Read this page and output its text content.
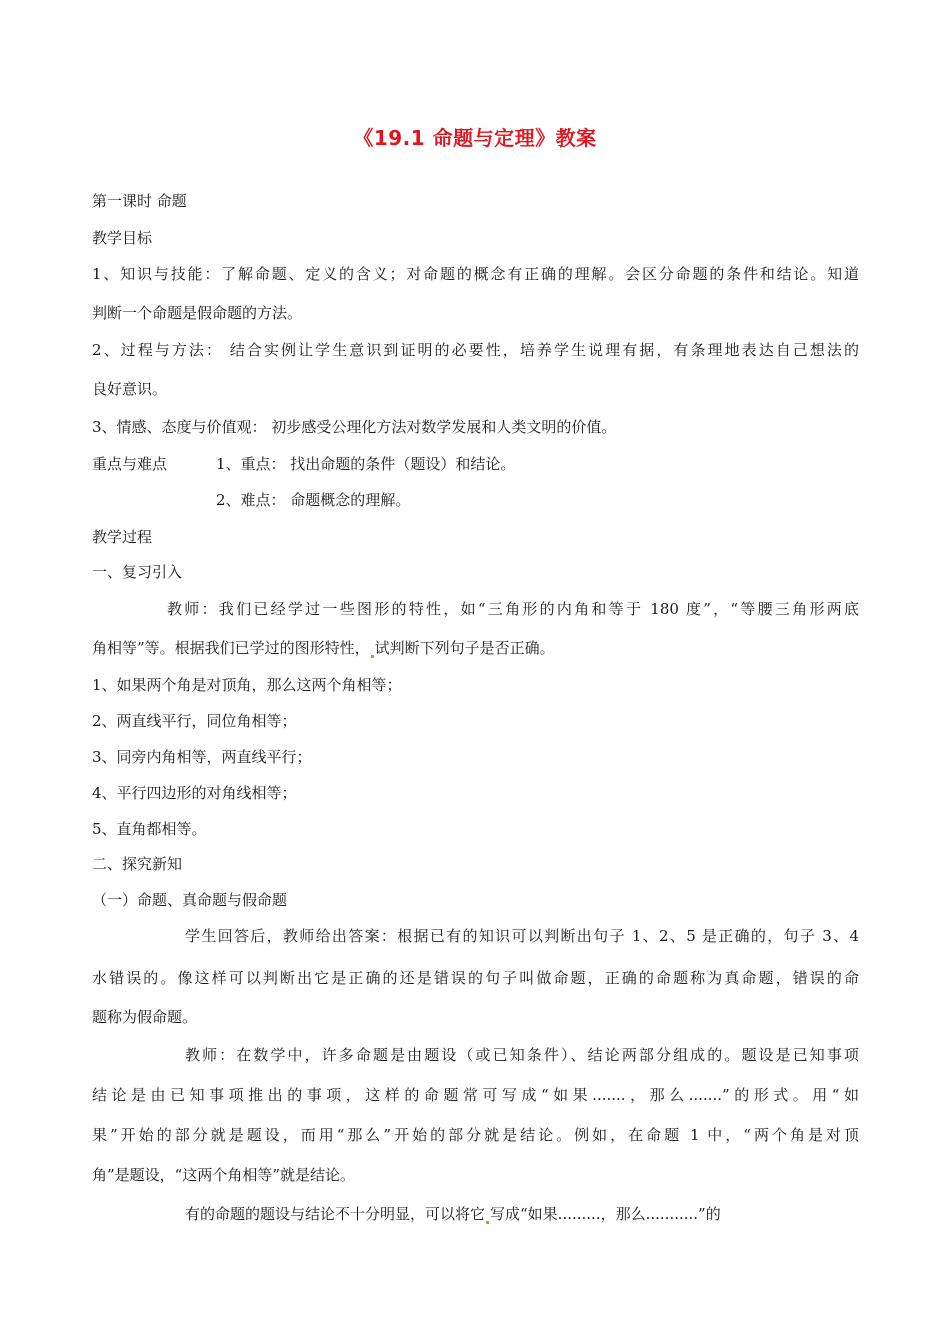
《19.1 命题与定理》教案
第一课时 命题
教学目标
1、知识与技能：了解命题、定义的含义；对命题的概念有正确的理解。会区分命题的条件和结论。知道
判断一个命题是假命题的方法。
2、过程与方法： 结合实例让学生意识到证明的必要性，培养学生说理有据，有条理地表达自己想法的
良好意识。
3、情感、态度与价值观： 初步感受公理化方法对数学发展和人类文明的价值。
重点与难点	1、重点： 找出命题的条件（题设）和结论。
2、难点： 命题概念的理解。
教学过程
一、复习引入
教师：我们已经学过一些图形的特性，如“三角形的内角和等于 180 度”，“等腰三角形两底
角相等”等。根据我们已学过的图形特性， 试判断下列句子是否正确。
1、如果两个角是对顶角，那么这两个角相等；
2、两直线平行，同位角相等；
3、同旁内角相等，两直线平行；
4、平行四边形的对角线相等；
5、直角都相等。
二、探究新知
（一）命题、真命题与假命题
学生回答后，教师给出答案：根据已有的知识可以判断出句子 1、2、5 是正确的，句子 3、4
水错误的。像这样可以判断出它是正确的还是错误的句子叫做命题，正确的命题称为真命题，错误的命
题称为假命题。
教师：在数学中，许多命题是由题设（或已知条件）、结论两部分组成的。题设是已知事项
结论是由已知事项推出的事项，这样的命题常可写成“如果.......，那么.......”的形式。用“如
果”开始的部分就是题设，而用“那么”开始的部分就是结论。例如，在命题 1 中，“两个角是对顶
角”是题设，“这两个角相等”就是结论。
有的命题的题设与结论不十分明显，可以将它 写成“如果.........，那么...........”的
